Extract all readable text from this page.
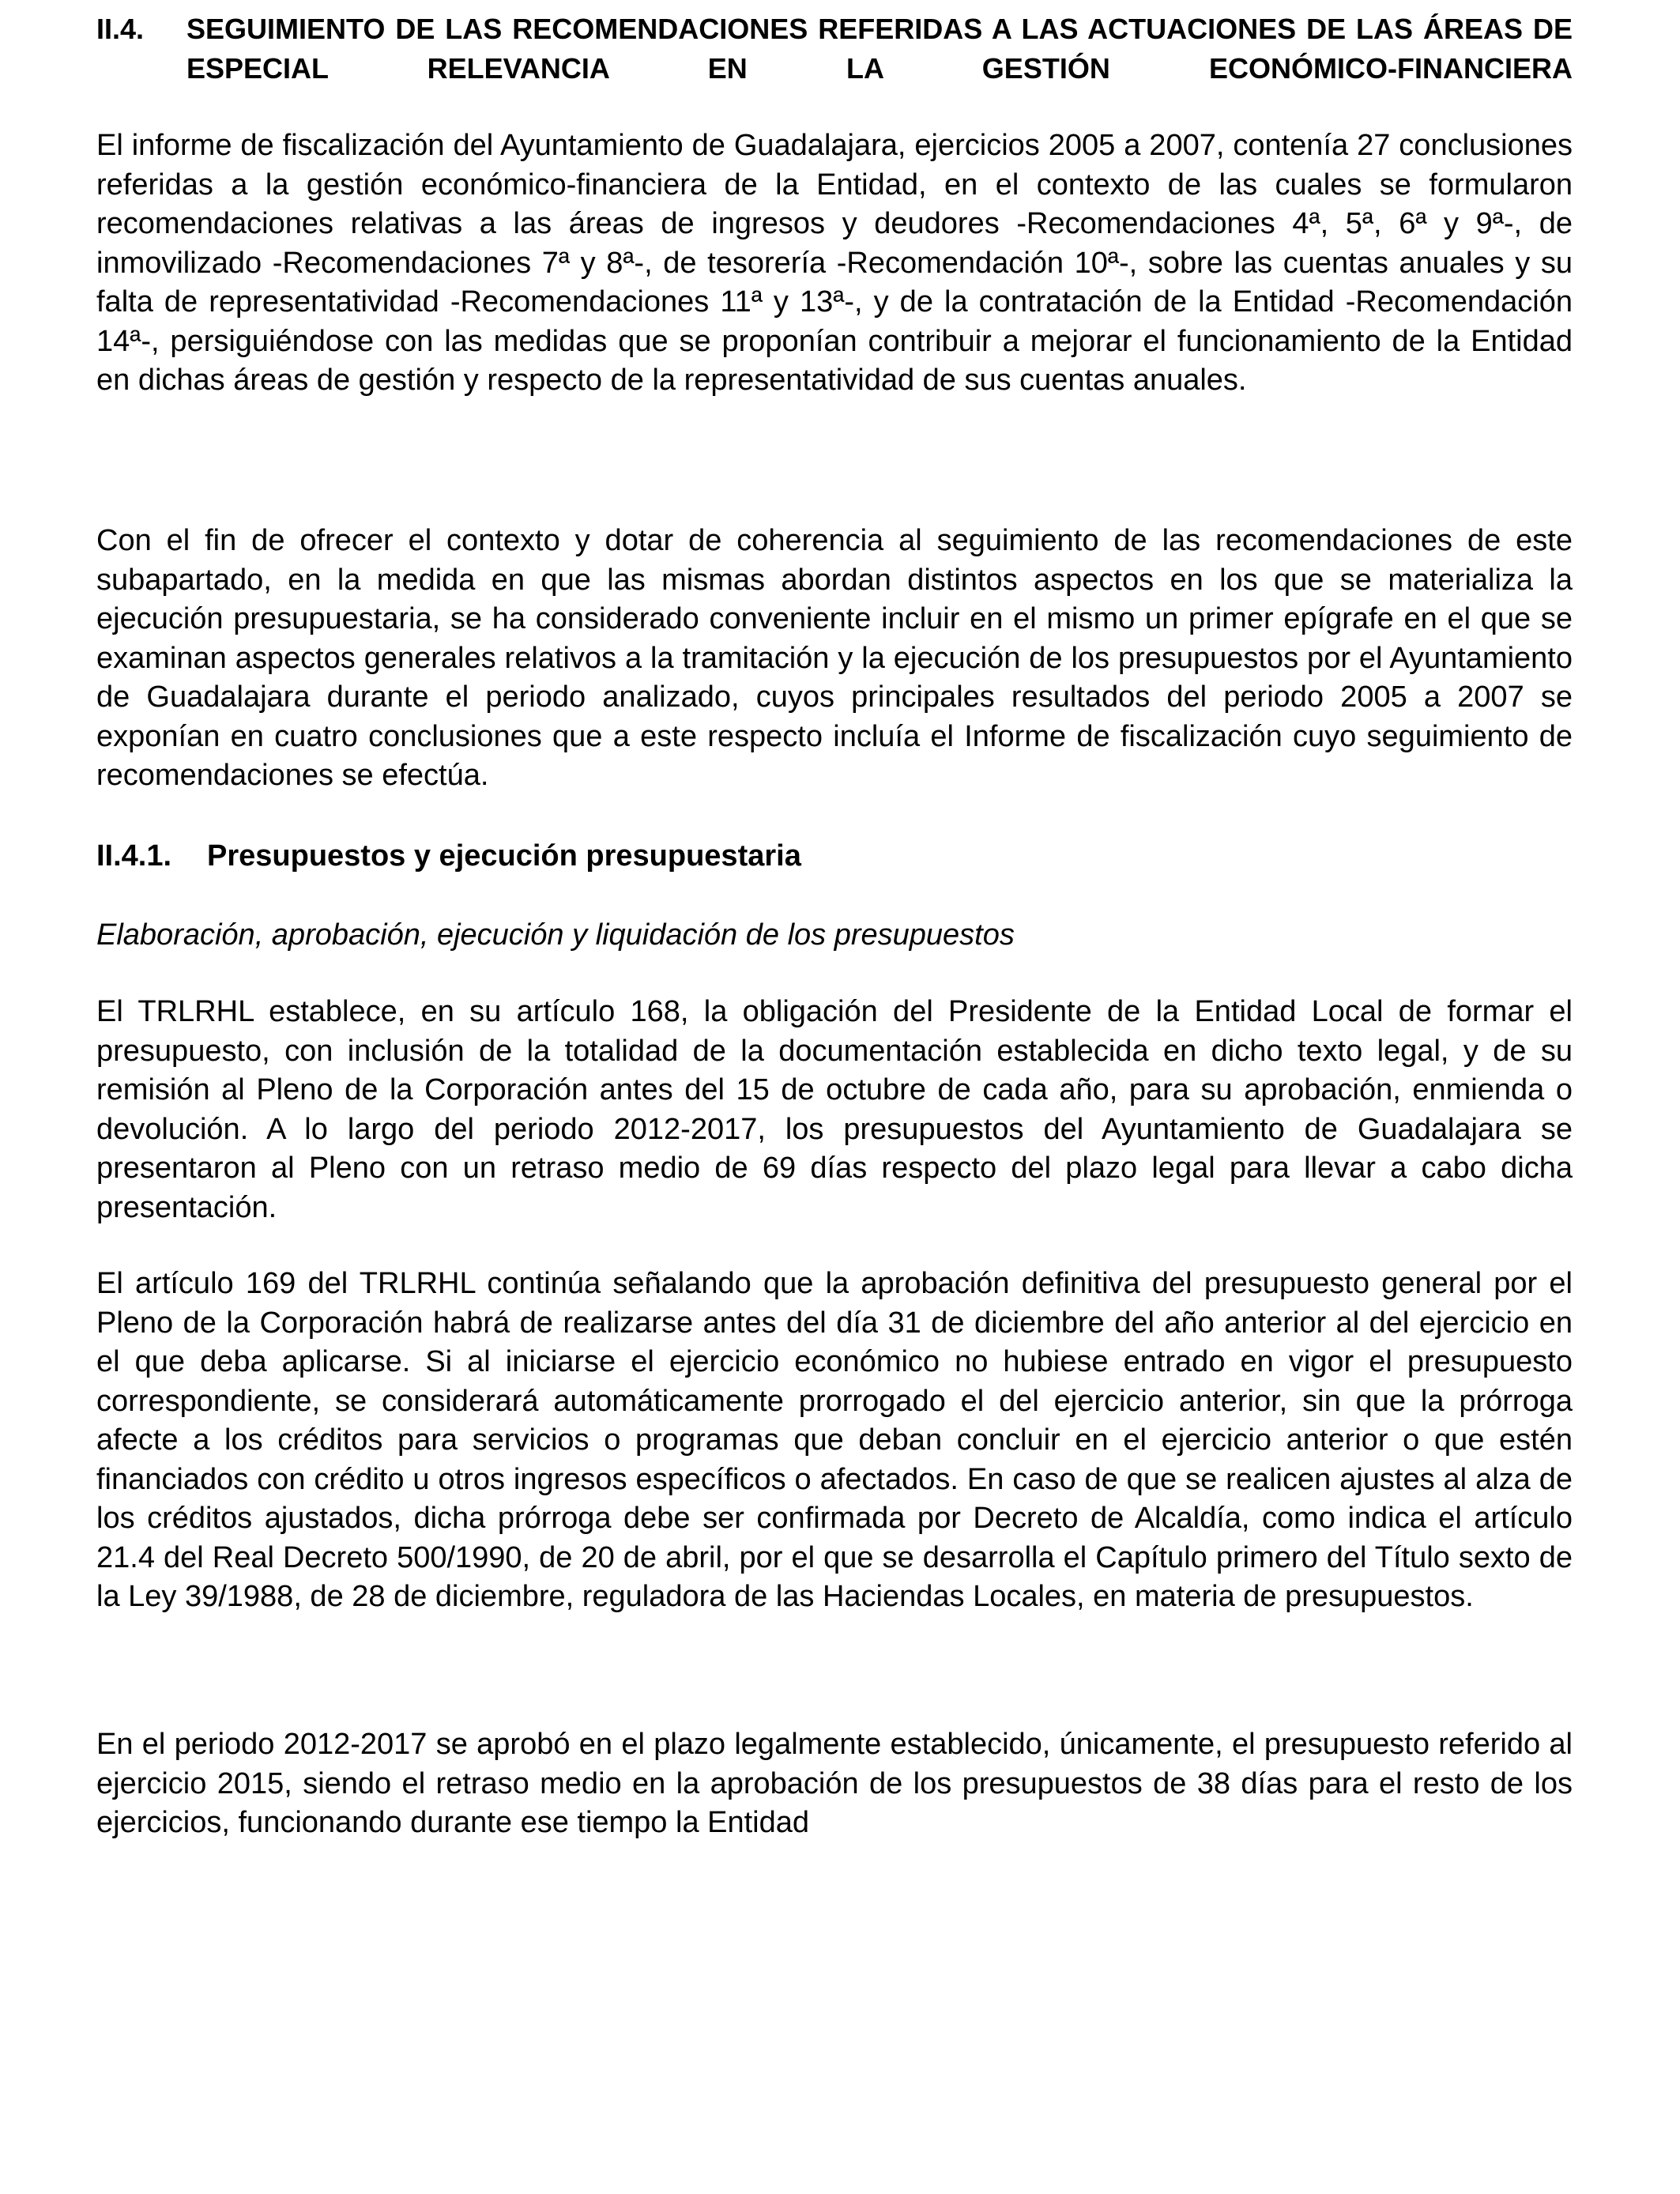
II.4.	SEGUIMIENTO DE LAS RECOMENDACIONES REFERIDAS A LAS ACTUACIONES DE LAS ÁREAS DE ESPECIAL RELEVANCIA EN LA GESTIÓN ECONÓMICO-FINANCIERA

El informe de fiscalización del Ayuntamiento de Guadalajara, ejercicios 2005 a 2007, contenía 27 conclusiones referidas a la gestión económico-financiera de la Entidad, en el contexto de las cuales se formularon recomendaciones relativas a las áreas de ingresos y deudores -Recomendaciones 4ª, 5ª, 6ª y 9ª-, de inmovilizado -Recomendaciones 7ª y 8ª-, de tesorería -Recomendación 10ª-, sobre las cuentas anuales y su falta de representatividad -Recomendaciones 11ª y 13ª-, y de la contratación de la Entidad -Recomendación 14ª-, persiguiéndose con las medidas que se proponían contribuir a mejorar el funcionamiento de la Entidad en dichas áreas de gestión y respecto de la representatividad de sus cuentas anuales.

Con el fin de ofrecer el contexto y dotar de coherencia al seguimiento de las recomendaciones de este subapartado, en la medida en que las mismas abordan distintos aspectos en los que se materializa la ejecución presupuestaria, se ha considerado conveniente incluir en el mismo un primer epígrafe en el que se examinan aspectos generales relativos a la tramitación y la ejecución de los presupuestos por el Ayuntamiento de Guadalajara durante el periodo analizado, cuyos principales resultados del periodo 2005 a 2007 se exponían en cuatro conclusiones que a este respecto incluía el Informe de fiscalización cuyo seguimiento de recomendaciones se efectúa.

II.4.1.	Presupuestos y ejecución presupuestaria
Elaboración, aprobación, ejecución y liquidación de los presupuestos

El TRLRHL establece, en su artículo 168, la obligación del Presidente de la Entidad Local de formar el presupuesto, con inclusión de la totalidad de la documentación establecida en dicho texto legal, y de su remisión al Pleno de la Corporación antes del 15 de octubre de cada año, para su aprobación, enmienda o devolución. A lo largo del periodo 2012-2017, los presupuestos del Ayuntamiento de Guadalajara se presentaron al Pleno con un retraso medio de 69 días respecto del plazo legal para llevar a cabo dicha presentación.

El artículo 169 del TRLRHL continúa señalando que la aprobación definitiva del presupuesto general por el Pleno de la Corporación habrá de realizarse antes del día 31 de diciembre del año anterior al del ejercicio en el que deba aplicarse. Si al iniciarse el ejercicio económico no hubiese entrado en vigor el presupuesto correspondiente, se considerará automáticamente prorrogado el del ejercicio anterior, sin que la prórroga afecte a los créditos para servicios o programas que deban concluir en el ejercicio anterior o que estén financiados con crédito u otros ingresos específicos o afectados. En caso de que se realicen ajustes al alza de los créditos ajustados, dicha prórroga debe ser confirmada por Decreto de Alcaldía, como indica el artículo 21.4 del Real Decreto 500/1990, de 20 de abril, por el que se desarrolla el Capítulo primero del Título sexto de la Ley 39/1988, de 28 de diciembre, reguladora de las Haciendas Locales, en materia de presupuestos.

En el periodo 2012-2017 se aprobó en el plazo legalmente establecido, únicamente, el presupuesto referido al ejercicio 2015, siendo el retraso medio en la aprobación de los presupuestos de 38 días para el resto de los ejercicios, funcionando durante ese tiempo la Entidad
